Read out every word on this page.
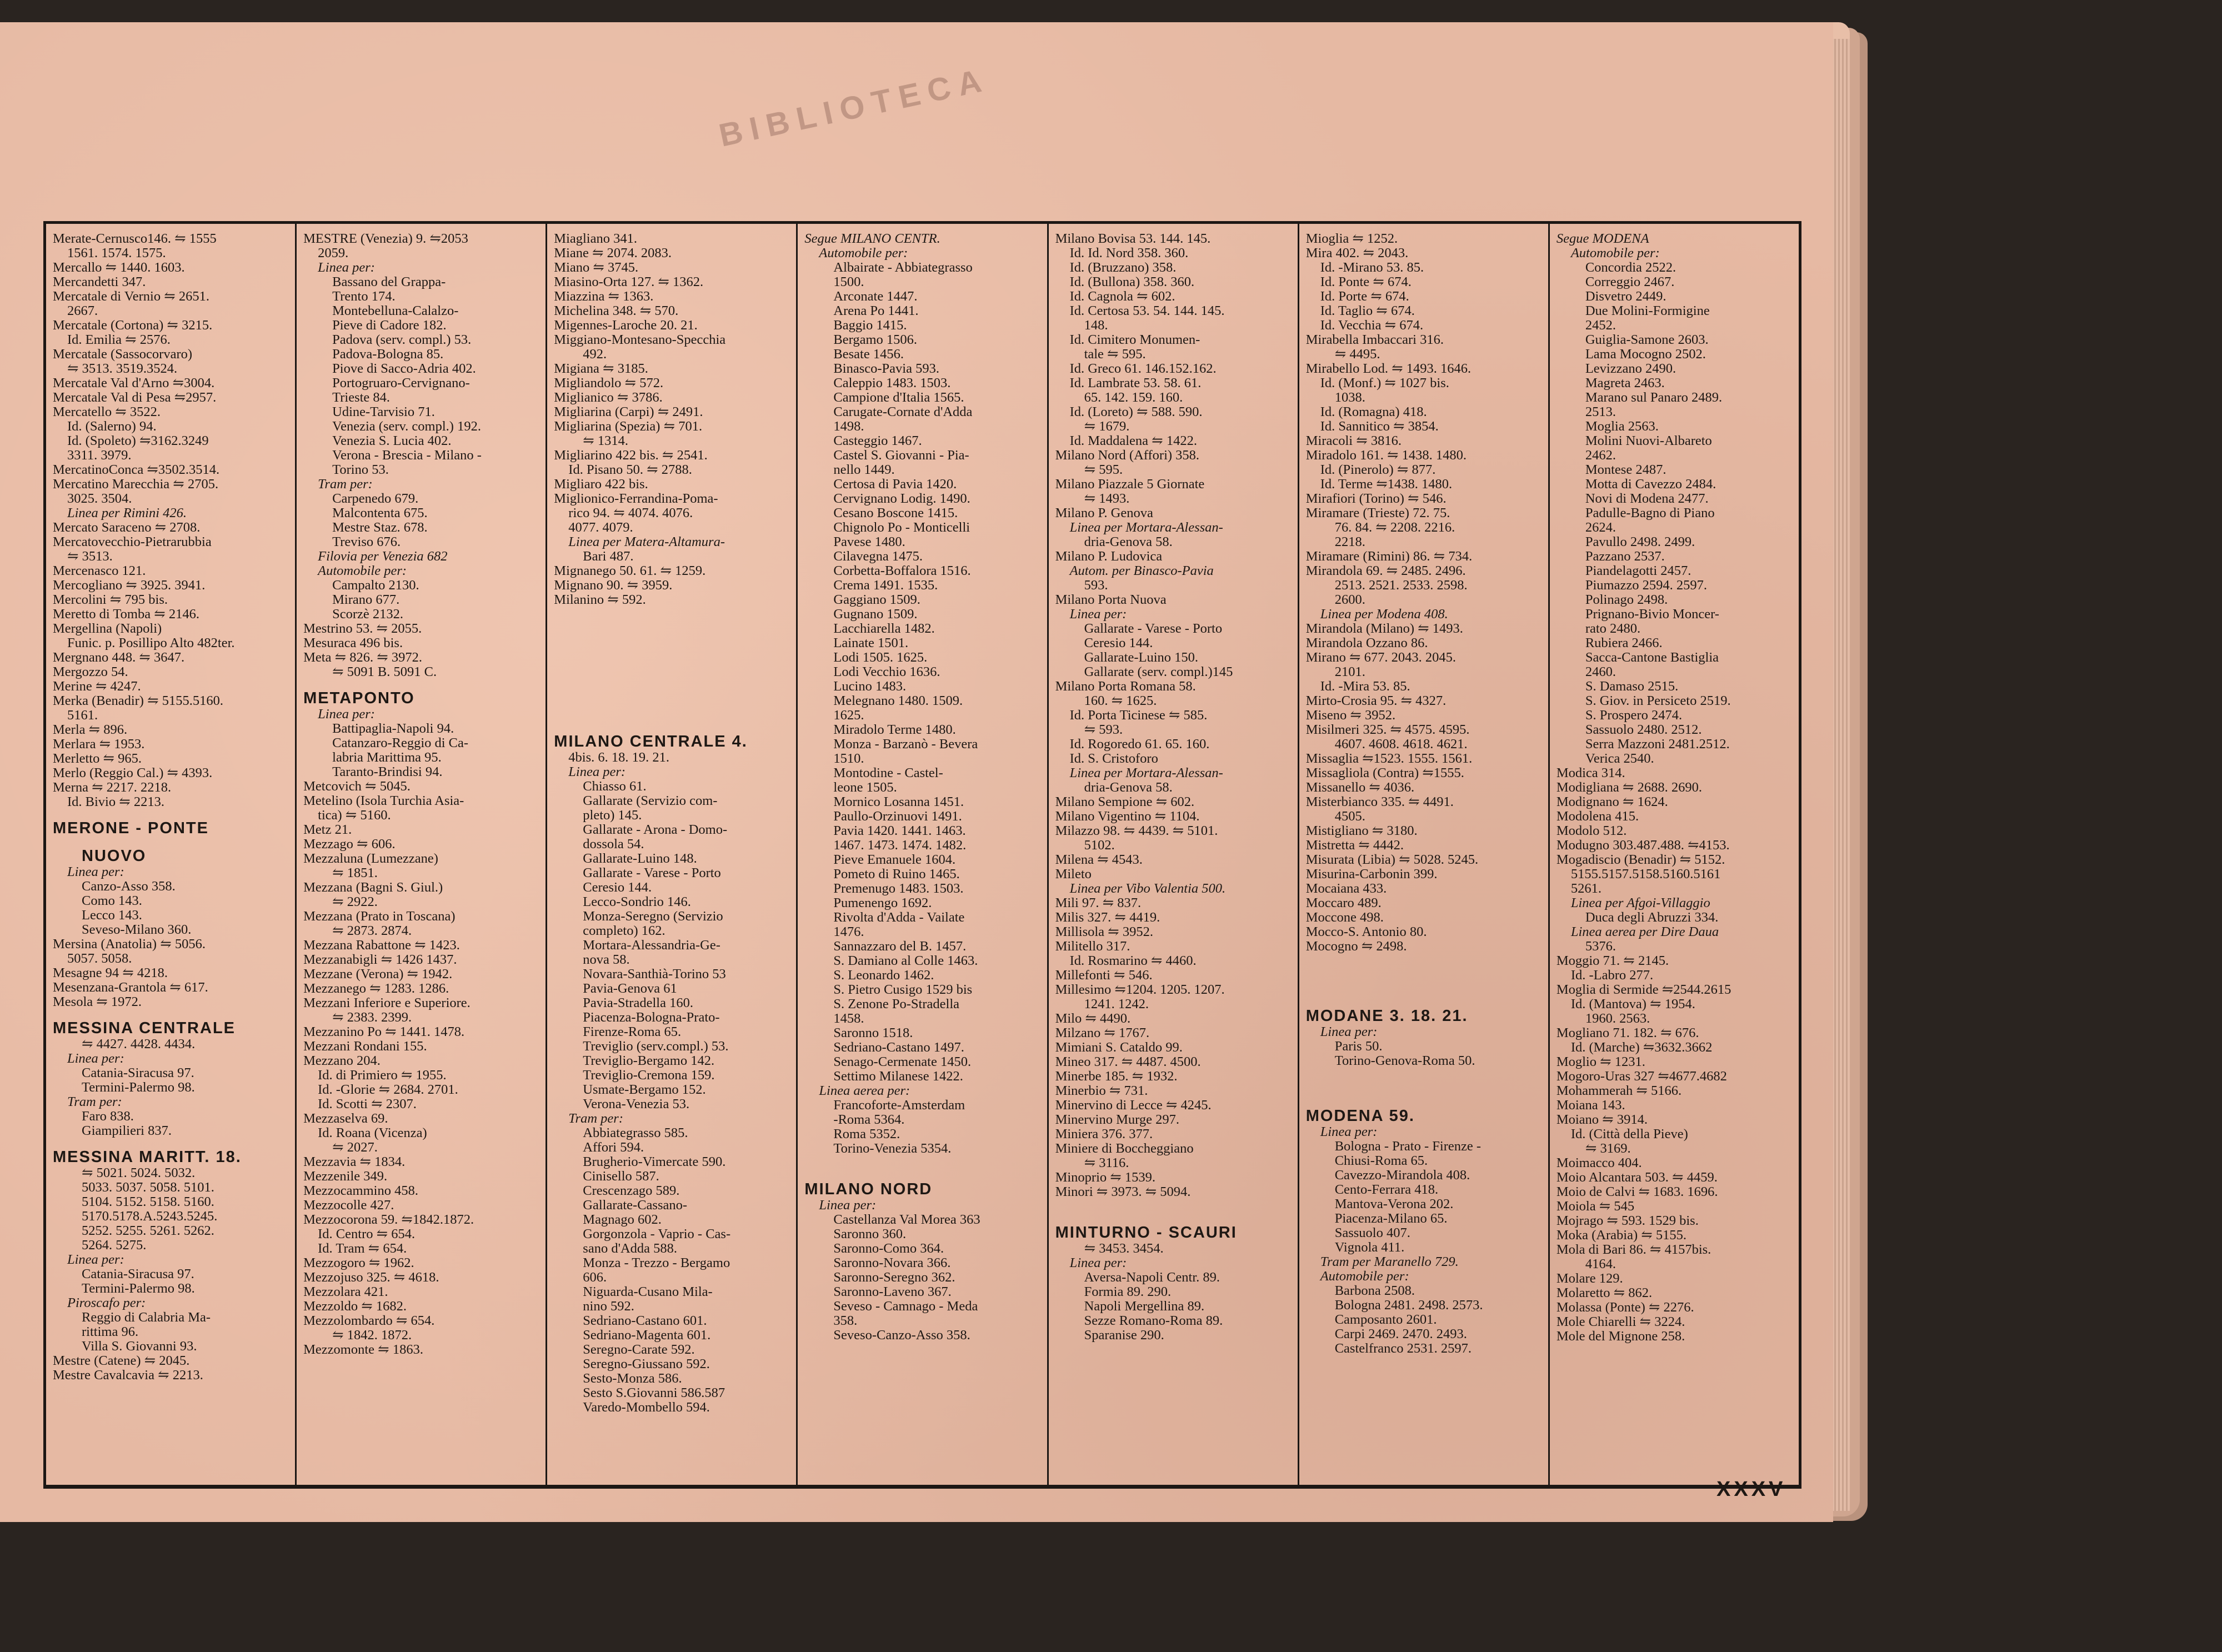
BIBLIOTECA
Merate-Cernusco146. ⇋ 1555
1561. 1574. 1575.
Mercallo ⇋ 1440. 1603.
Mercandetti 347.
Mercatale di Vernio ⇋ 2651.
2667.
Mercatale (Cortona) ⇋ 3215.
Id. Emilia ⇋ 2576.
Mercatale (Sassocorvaro)
⇋ 3513. 3519.3524.
Mercatale Val d'Arno ⇋3004.
Mercatale Val di Pesa ⇋2957.
Mercatello ⇋ 3522.
Id. (Salerno) 94.
Id. (Spoleto) ⇋3162.3249
3311. 3979.
MercatinoConca ⇋3502.3514.
Mercatino Marecchia ⇋ 2705.
3025. 3504.
Linea per Rimini 426.
Mercato Saraceno ⇋ 2708.
Mercatovecchio-Pietrarubbia
⇋ 3513.
Mercenasco 121.
Mercogliano ⇋ 3925. 3941.
Mercolini ⇋ 795 bis.
Meretto di Tomba ⇋ 2146.
Mergellina (Napoli)
Funic. p. Posillipo Alto 482ter.
Mergnano 448. ⇋ 3647.
Mergozzo 54.
Merine ⇋ 4247.
Merka (Benadir) ⇋ 5155.5160.
5161.
Merla ⇋ 896.
Merlara ⇋ 1953.
Merletto ⇋ 965.
Merlo (Reggio Cal.) ⇋ 4393.
Merna ⇋ 2217. 2218.
Id. Bivio ⇋ 2213.
MERONE - PONTE
NUOVO
Linea per:
Canzo-Asso 358.
Como 143.
Lecco 143.
Seveso-Milano 360.
Mersina (Anatolia) ⇋ 5056.
5057. 5058.
Mesagne 94 ⇋ 4218.
Mesenzana-Grantola ⇋ 617.
Mesola ⇋ 1972.
MESSINA CENTRALE
⇋ 4427. 4428. 4434.
Linea per:
Catania-Siracusa 97.
Termini-Palermo 98.
Tram per:
Faro 838.
Giampilieri 837.
MESSINA MARITT. 18.
⇋ 5021. 5024. 5032.
5033. 5037. 5058. 5101.
5104. 5152. 5158. 5160.
5170.5178.A.5243.5245.
5252. 5255. 5261. 5262.
5264. 5275.
Linea per:
Catania-Siracusa 97.
Termini-Palermo 98.
Piroscafo per:
Reggio di Calabria Ma-
rittima 96.
Villa S. Giovanni 93.
Mestre (Catene) ⇋ 2045.
Mestre Cavalcavia ⇋ 2213.
MESTRE (Venezia) 9. ⇋2053
2059.
Linea per:
Bassano del Grappa-
Trento 174.
Montebelluna-Calalzo-
Pieve di Cadore 182.
Padova (serv. compl.) 53.
Padova-Bologna 85.
Piove di Sacco-Adria 402.
Portogruaro-Cervignano-
Trieste 84.
Udine-Tarvisio 71.
Venezia (serv. compl.) 192.
Venezia S. Lucia 402.
Verona - Brescia - Milano -
Torino 53.
Tram per:
Carpenedo 679.
Malcontenta 675.
Mestre Staz. 678.
Treviso 676.
Filovia per Venezia 682
Automobile per:
Campalto 2130.
Mirano 677.
Scorzè 2132.
Mestrino 53. ⇋ 2055.
Mesuraca 496 bis.
Meta ⇋ 826. ⇋ 3972.
⇋ 5091 B. 5091 C.
METAPONTO
Linea per:
Battipaglia-Napoli 94.
Catanzaro-Reggio di Ca-
labria Marittima 95.
Taranto-Brindisi 94.
Metcovich ⇋ 5045.
Metelino (Isola Turchia Asia-
tica) ⇋ 5160.
Metz 21.
Mezzago ⇋ 606.
Mezzaluna (Lumezzane)
⇋ 1851.
Mezzana (Bagni S. Giul.)
⇋ 2922.
Mezzana (Prato in Toscana)
⇋ 2873. 2874.
Mezzana Rabattone ⇋ 1423.
Mezzanabigli ⇋ 1426 1437.
Mezzane (Verona) ⇋ 1942.
Mezzanego ⇋ 1283. 1286.
Mezzani Inferiore e Superiore.
⇋ 2383. 2399.
Mezzanino Po ⇋ 1441. 1478.
Mezzani Rondani 155.
Mezzano 204.
Id. di Primiero ⇋ 1955.
Id. -Glorie ⇋ 2684. 2701.
Id. Scotti ⇋ 2307.
Mezzaselva 69.
Id. Roana (Vicenza)
⇋ 2027.
Mezzavia ⇋ 1834.
Mezzenile 349.
Mezzocammino 458.
Mezzocolle 427.
Mezzocorona 59. ⇋1842.1872.
Id. Centro ⇋ 654.
Id. Tram ⇋ 654.
Mezzogoro ⇋ 1962.
Mezzojuso 325. ⇋ 4618.
Mezzolara 421.
Mezzoldo ⇋ 1682.
Mezzolombardo ⇋ 654.
⇋ 1842. 1872.
Mezzomonte ⇋ 1863.
Miagliano 341.
Miane ⇋ 2074. 2083.
Miano ⇋ 3745.
Miasino-Orta 127. ⇋ 1362.
Miazzina ⇋ 1363.
Michelina 348. ⇋ 570.
Migennes-Laroche 20. 21.
Miggiano-Montesano-Specchia
492.
Migiana ⇋ 3185.
Migliandolo ⇋ 572.
Miglianico ⇋ 3786.
Migliarina (Carpi) ⇋ 2491.
Migliarina (Spezia) ⇋ 701.
⇋ 1314.
Migliarino 422 bis. ⇋ 2541.
Id. Pisano 50. ⇋ 2788.
Migliaro 422 bis.
Miglionico-Ferrandina-Poma-
rico 94. ⇋ 4074. 4076.
4077. 4079.
Linea per Matera-Altamura-
Bari 487.
Mignanego 50. 61. ⇋ 1259.
Mignano 90. ⇋ 3959.
Milanino ⇋ 592.

MILANO CENTRALE 4.
4bis. 6. 18. 19. 21.
Linea per:
Chiasso 61.
Gallarate (Servizio com-
pleto) 145.
Gallarate - Arona - Domo-
dossola 54.
Gallarate-Luino 148.
Gallarate - Varese - Porto
Ceresio 144.
Lecco-Sondrio 146.
Monza-Seregno (Servizio
completo) 162.
Mortara-Alessandria-Ge-
nova 58.
Novara-Santhià-Torino 53
Pavia-Genova 61
Pavia-Stradella 160.
Piacenza-Bologna-Prato-
Firenze-Roma 65.
Treviglio (serv.compl.) 53.
Treviglio-Bergamo 142.
Treviglio-Cremona 159.
Usmate-Bergamo 152.
Verona-Venezia 53.
Tram per:
Abbiategrasso 585.
Affori 594.
Brugherio-Vimercate 590.
Cinisello 587.
Crescenzago 589.
Gallarate-Cassano-
Magnago 602.
Gorgonzola - Vaprio - Cas-
sano d'Adda 588.
Monza - Trezzo - Bergamo
606.
Niguarda-Cusano Mila-
nino 592.
Sedriano-Castano 601.
Sedriano-Magenta 601.
Seregno-Carate 592.
Seregno-Giussano 592.
Sesto-Monza 586.
Sesto S.Giovanni 586.587
Varedo-Mombello 594.
Segue MILANO CENTR.
Automobile per:
Albairate - Abbiategrasso
1500.
Arconate 1447.
Arena Po 1441.
Baggio 1415.
Bergamo 1506.
Besate 1456.
Binasco-Pavia 593.
Caleppio 1483. 1503.
Campione d'Italia 1565.
Carugate-Cornate d'Adda
1498.
Casteggio 1467.
Castel S. Giovanni - Pia-
nello 1449.
Certosa di Pavia 1420.
Cervignano Lodig. 1490.
Cesano Boscone 1415.
Chignolo Po - Monticelli
Pavese 1480.
Cilavegna 1475.
Corbetta-Boffalora 1516.
Crema 1491. 1535.
Gaggiano 1509.
Gugnano 1509.
Lacchiarella 1482.
Lainate 1501.
Lodi 1505. 1625.
Lodi Vecchio 1636.
Lucino 1483.
Melegnano 1480. 1509.
1625.
Miradolo Terme 1480.
Monza - Barzanò - Bevera
1510.
Montodine - Castel-
leone 1505.
Mornico Losanna 1451.
Paullo-Orzinuovi 1491.
Pavia 1420. 1441. 1463.
1467. 1473. 1474. 1482.
Pieve Emanuele 1604.
Pometo di Ruino 1465.
Premenugo 1483. 1503.
Pumenengo 1692.
Rivolta d'Adda - Vailate
1476.
Sannazzaro del B. 1457.
S. Damiano al Colle 1463.
S. Leonardo 1462.
S. Pietro Cusigo 1529 bis
S. Zenone Po-Stradella
1458.
Saronno 1518.
Sedriano-Castano 1497.
Senago-Cermenate 1450.
Settimo Milanese 1422.
Linea aerea per:
Francoforte-Amsterdam
-Roma 5364.
Roma 5352.
Torino-Venezia 5354.

MILANO NORD
Linea per:
Castellanza Val Morea 363
Saronno 360.
Saronno-Como 364.
Saronno-Novara 366.
Saronno-Seregno 362.
Saronno-Laveno 367.
Seveso - Camnago - Meda
358.
Seveso-Canzo-Asso 358.
Milano Bovisa 53. 144. 145.
Id. Id. Nord 358. 360.
Id. (Bruzzano) 358.
Id. (Bullona) 358. 360.
Id. Cagnola ⇋ 602.
Id. Certosa 53. 54. 144. 145.
148.
Id. Cimitero Monumen-
tale ⇋ 595.
Id. Greco 61. 146.152.162.
Id. Lambrate 53. 58. 61.
65. 142. 159. 160.
Id. (Loreto) ⇋ 588. 590.
⇋ 1679.
Id. Maddalena ⇋ 1422.
Milano Nord (Affori) 358.
⇋ 595.
Milano Piazzale 5 Giornate
⇋ 1493.
Milano P. Genova
Linea per Mortara-Alessan-
dria-Genova 58.
Milano P. Ludovica
Autom. per Binasco-Pavia
593.
Milano Porta Nuova
Linea per:
Gallarate - Varese - Porto
Ceresio 144.
Gallarate-Luino 150.
Gallarate (serv. compl.)145
Milano Porta Romana 58.
160. ⇋ 1625.
Id. Porta Ticinese ⇋ 585.
⇋ 593.
Id. Rogoredo 61. 65. 160.
Id. S. Cristoforo
Linea per Mortara-Alessan-
dria-Genova 58.
Milano Sempione ⇋ 602.
Milano Vigentino ⇋ 1104.
Milazzo 98. ⇋ 4439. ⇋ 5101.
5102.
Milena ⇋ 4543.
Mileto
Linea per Vibo Valentia 500.
Mili 97. ⇋ 837.
Milis 327. ⇋ 4419.
Millisola ⇋ 3952.
Militello 317.
Id. Rosmarino ⇋ 4460.
Millefonti ⇋ 546.
Millesimo ⇋1204. 1205. 1207.
1241. 1242.
Milo ⇋ 4490.
Milzano ⇋ 1767.
Mimiani S. Cataldo 99.
Mineo 317. ⇋ 4487. 4500.
Minerbe 185. ⇋ 1932.
Minerbio ⇋ 731.
Minervino di Lecce ⇋ 4245.
Minervino Murge 297.
Miniera 376. 377.
Miniere di Boccheggiano
⇋ 3116.
Minoprio ⇋ 1539.
Minori ⇋ 3973. ⇋ 5094.

MINTURNO - SCAURI
⇋ 3453. 3454.
Linea per:
Aversa-Napoli Centr. 89.
Formia 89. 290.
Napoli Mergellina 89.
Sezze Romano-Roma 89.
Sparanise 290.
Mioglia ⇋ 1252.
Mira 402. ⇋ 2043.
Id. -Mirano 53. 85.
Id. Ponte ⇋ 674.
Id. Porte ⇋ 674.
Id. Taglio ⇋ 674.
Id. Vecchia ⇋ 674.
Mirabella Imbaccari 316.
⇋ 4495.
Mirabello Lod. ⇋ 1493. 1646.
Id. (Monf.) ⇋ 1027 bis.
1038.
Id. (Romagna) 418.
Id. Sannitico ⇋ 3854.
Miracoli ⇋ 3816.
Miradolo 161. ⇋ 1438. 1480.
Id. (Pinerolo) ⇋ 877.
Id. Terme ⇋1438. 1480.
Mirafiori (Torino) ⇋ 546.
Miramare (Trieste) 72. 75.
76. 84. ⇋ 2208. 2216.
2218.
Miramare (Rimini) 86. ⇋ 734.
Mirandola 69. ⇋ 2485. 2496.
2513. 2521. 2533. 2598.
2600.
Linea per Modena 408.
Mirandola (Milano) ⇋ 1493.
Mirandola Ozzano 86.
Mirano ⇋ 677. 2043. 2045.
2101.
Id. -Mira 53. 85.
Mirto-Crosia 95. ⇋ 4327.
Miseno ⇋ 3952.
Misilmeri 325. ⇋ 4575. 4595.
4607. 4608. 4618. 4621.
Missaglia ⇋1523. 1555. 1561.
Missagliola (Contra) ⇋1555.
Missanello ⇋ 4036.
Misterbianco 335. ⇋ 4491.
4505.
Mistigliano ⇋ 3180.
Mistretta ⇋ 4442.
Misurata (Libia) ⇋ 5028. 5245.
Misurina-Carbonin 399.
Mocaiana 433.
Moccaro 489.
Moccone 498.
Mocco-S. Antonio 80.
Mocogno ⇋ 2498.

MODANE 3. 18. 21.
Linea per:
Paris 50.
Torino-Genova-Roma 50.

MODENA 59.
Linea per:
Bologna - Prato - Firenze -
Chiusi-Roma 65.
Cavezzo-Mirandola 408.
Cento-Ferrara 418.
Mantova-Verona 202.
Piacenza-Milano 65.
Sassuolo 407.
Vignola 411.
Tram per Maranello 729.
Automobile per:
Barbona 2508.
Bologna 2481. 2498. 2573.
Camposanto 2601.
Carpi 2469. 2470. 2493.
Castelfranco 2531. 2597.
Segue MODENA
Automobile per:
Concordia 2522.
Correggio 2467.
Disvetro 2449.
Due Molini-Formigine
2452.
Guiglia-Samone 2603.
Lama Mocogno 2502.
Levizzano 2490.
Magreta 2463.
Marano sul Panaro 2489.
2513.
Moglia 2563.
Molini Nuovi-Albareto
2462.
Montese 2487.
Motta di Cavezzo 2484.
Novi di Modena 2477.
Padulle-Bagno di Piano
2624.
Pavullo 2498. 2499.
Pazzano 2537.
Piandelagotti 2457.
Piumazzo 2594. 2597.
Polinago 2498.
Prignano-Bivio Moncer-
rato 2480.
Rubiera 2466.
Sacca-Cantone Bastiglia
2460.
S. Damaso 2515.
S. Giov. in Persiceto 2519.
S. Prospero 2474.
Sassuolo 2480. 2512.
Serra Mazzoni 2481.2512.
Verica 2540.
Modica 314.
Modigliana ⇋ 2688. 2690.
Modignano ⇋ 1624.
Modolena 415.
Modolo 512.
Modugno 303.487.488. ⇋4153.
Mogadiscio (Benadir) ⇋ 5152.
5155.5157.5158.5160.5161
5261.
Linea per Afgoi-Villaggio
Duca degli Abruzzi 334.
Linea aerea per Dire Daua
5376.
Moggio 71. ⇋ 2145.
Id. -Labro 277.
Moglia di Sermide ⇋2544.2615
Id. (Mantova) ⇋ 1954.
1960. 2563.
Mogliano 71. 182. ⇋ 676.
Id. (Marche) ⇋3632.3662
Moglio ⇋ 1231.
Mogoro-Uras 327 ⇋4677.4682
Mohammerah ⇋ 5166.
Moiana 143.
Moiano ⇋ 3914.
Id. (Città della Pieve)
⇋ 3169.
Moimacco 404.
Moio Alcantara 503. ⇋ 4459.
Moio de Calvi ⇋ 1683. 1696.
Moiola ⇋ 545
Mojrago ⇋ 593. 1529 bis.
Moka (Arabia) ⇋ 5155.
Mola di Bari 86. ⇋ 4157bis.
4164.
Molare 129.
Molaretto ⇋ 862.
Molassa (Ponte) ⇋ 2276.
Mole Chiarelli ⇋ 3224.
Mole del Mignone 258.
XXXV
